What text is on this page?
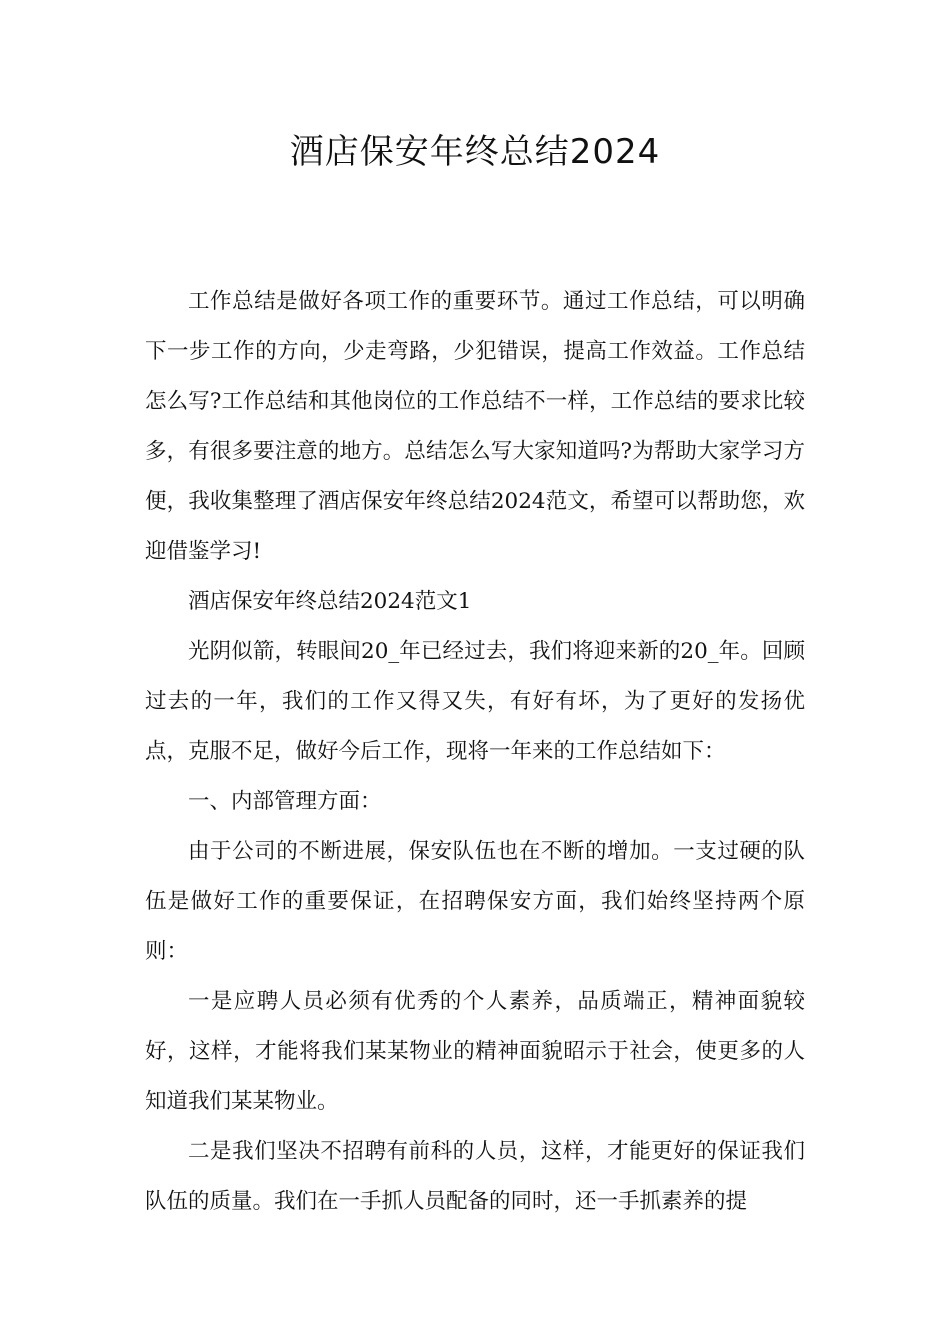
酒店保安年终总结2024

工作总结是做好各项工作的重要环节。通过工作总结，可以明确下一步工作的方向，少走弯路，少犯错误，提高工作效益。工作总结怎么写?工作总结和其他岗位的工作总结不一样，工作总结的要求比较多，有很多要注意的地方。总结怎么写大家知道吗?为帮助大家学习方便，我收集整理了酒店保安年终总结2024范文，希望可以帮助您，欢迎借鉴学习!

酒店保安年终总结2024范文1

光阴似箭，转眼间20_年已经过去，我们将迎来新的20_年。回顾过去的一年，我们的工作又得又失，有好有坏，为了更好的发扬优点，克服不足，做好今后工作，现将一年来的工作总结如下：

一、内部管理方面：

由于公司的不断进展，保安队伍也在不断的增加。一支过硬的队伍是做好工作的重要保证，在招聘保安方面，我们始终坚持两个原则：

一是应聘人员必须有优秀的个人素养，品质端正，精神面貌较好，这样，才能将我们某某物业的精神面貌昭示于社会，使更多的人知道我们某某物业。

二是我们坚决不招聘有前科的人员，这样，才能更好的保证我们队伍的质量。我们在一手抓人员配备的同时，还一手抓素养的提
